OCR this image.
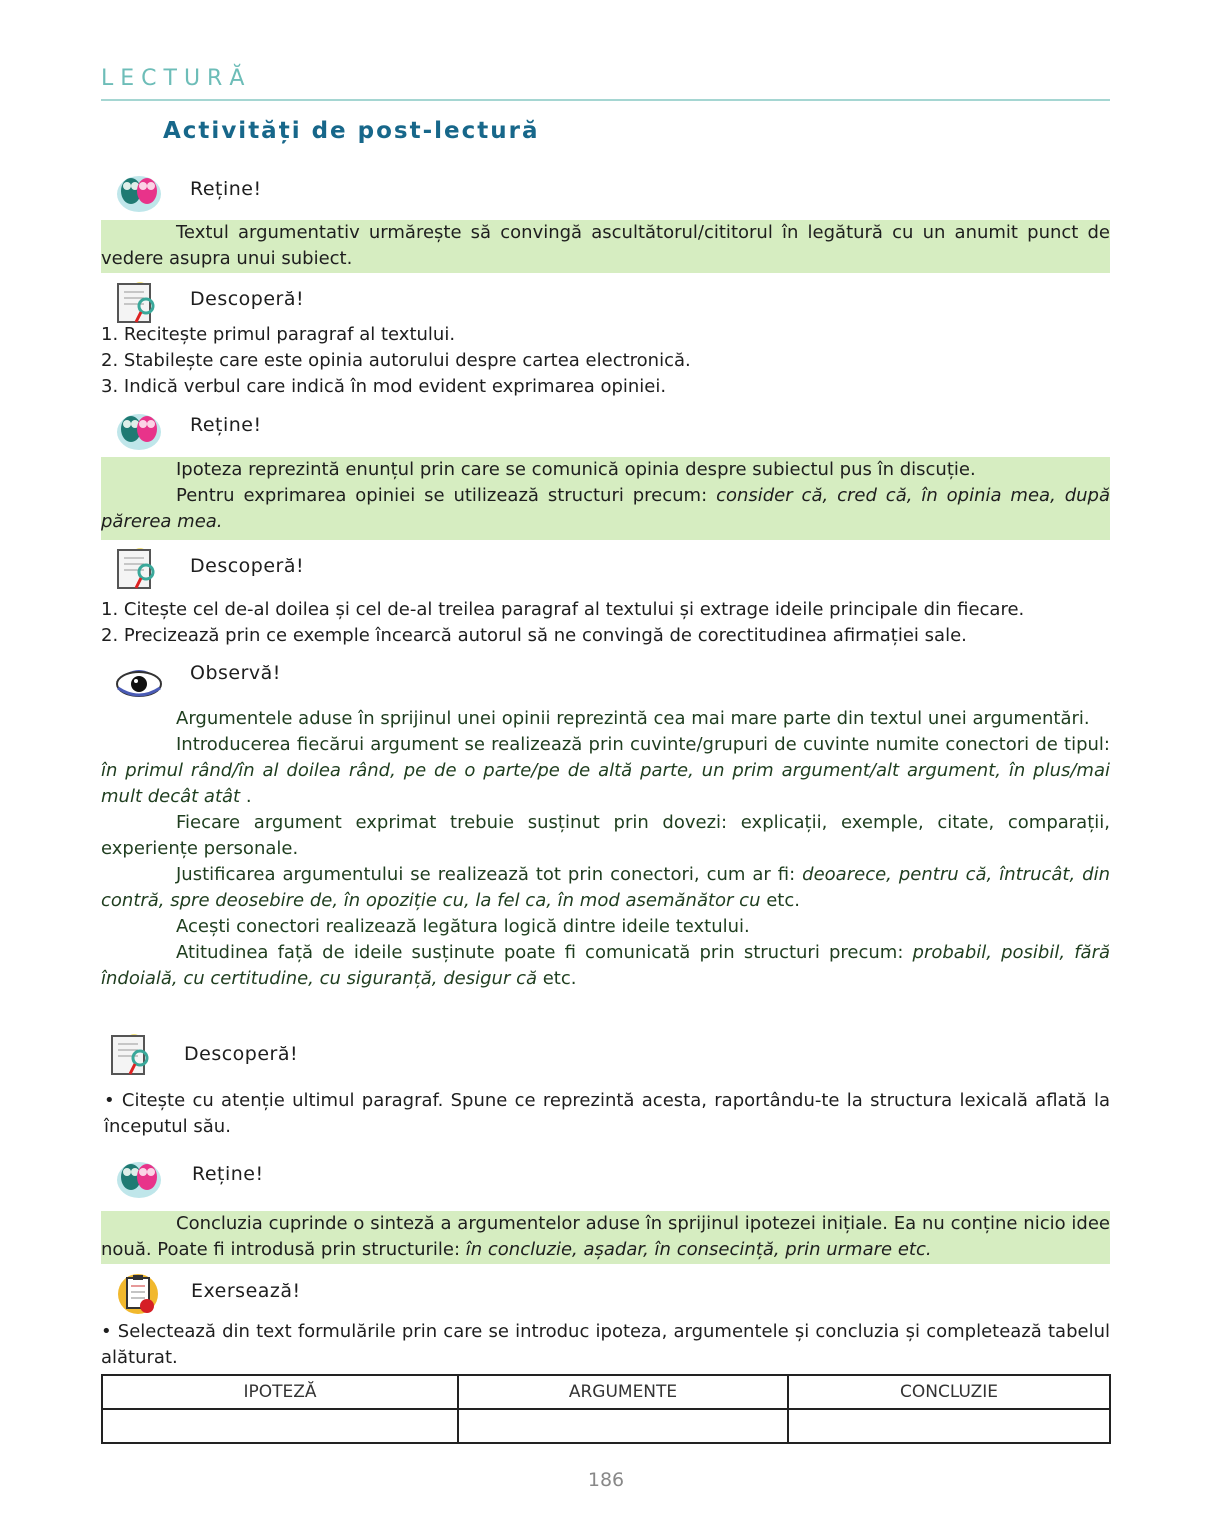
LECTURĂ
Activități de post-lectură
Reține!

Textul argumentativ urmărește să convingă ascultătorul/cititorul în legătură cu un anumit punct de vedere asupra unui subiect.

Descoperă!

1. Recitește primul paragraf al textului.

2. Stabilește care este opinia autorului despre cartea electronică.

3. Indică verbul care indică în mod evident exprimarea opiniei.

Reține!

Ipoteza reprezintă enunțul prin care se comunică opinia despre subiectul pus în discuție.

Pentru exprimarea opiniei se utilizează structuri precum: consider că, cred că, în opinia mea, după părerea mea.

Descoperă!

1. Citește cel de-al doilea și cel de-al treilea paragraf al textului și extrage ideile principale din fiecare.

2. Precizează prin ce exemple încearcă autorul să ne convingă de corectitudinea afirmației sale.

Observă!

Argumentele aduse în sprijinul unei opinii reprezintă cea mai mare parte din textul unei argumentări.

Introducerea fiecărui argument se realizează prin cuvinte/grupuri de cuvinte numite conectori de tipul: în primul rând/în al doilea rând, pe de o parte/pe de altă parte, un prim argument/alt argument, în plus/mai mult decât atât .

Fiecare argument exprimat trebuie susținut prin dovezi: explicații, exemple, citate, comparații, experiențe personale.

Justificarea argumentului se realizează tot prin conectori, cum ar fi: deoarece, pentru că, întrucât, din contră, spre deosebire de, în opoziție cu, la fel ca, în mod asemănător cu etc.

Acești conectori realizează legătura logică dintre ideile textului.

Atitudinea față de ideile susținute poate fi comunicată prin structuri precum: probabil, posibil, fără îndoială, cu certitudine, cu siguranță, desigur că etc.

Descoperă!
• Citește cu atenție ultimul paragraf. Spune ce reprezintă acesta, raportându-te la structura lexicală aflată la începutul său.
Reține!

Concluzia cuprinde o sinteză a argumentelor aduse în sprijinul ipotezei inițiale. Ea nu conține nicio idee nouă. Poate fi introdusă prin structurile: în concluzie, așadar, în consecință, prin urmare etc.

Exersează!
• Selectează din text formulările prin care se introduc ipoteza, argumentele și concluzia și completează tabelul alăturat.
IPOTEZĂ	ARGUMENTE	CONCLUZIE

186
